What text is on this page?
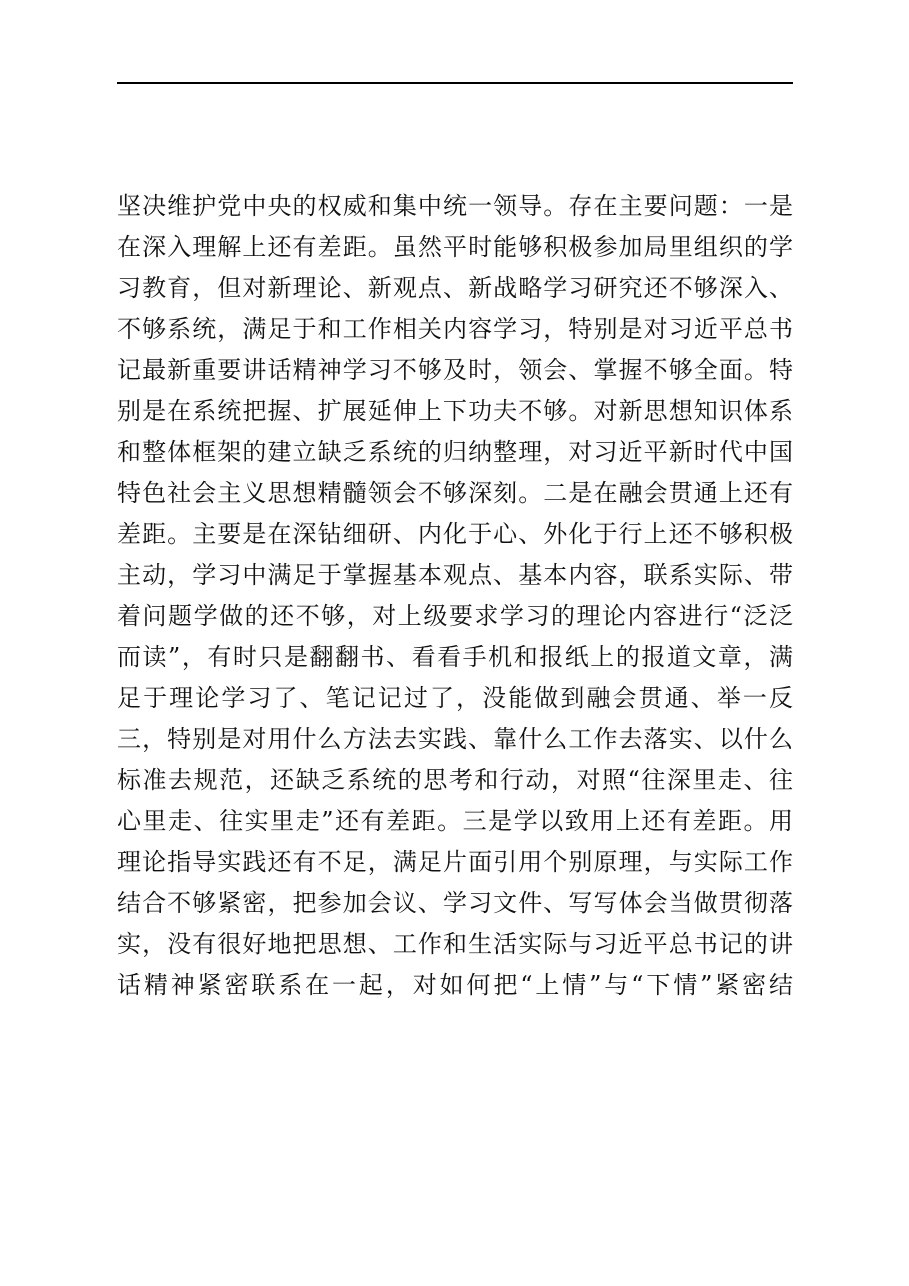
坚决维护党中央的权威和集中统一领导。存在主要问题：一是
在深入理解上还有差距。虽然平时能够积极参加局里组织的学
习教育，但对新理论、新观点、新战略学习研究还不够深入、
不够系统，满足于和工作相关内容学习，特别是对习近平总书
记最新重要讲话精神学习不够及时，领会、掌握不够全面。特
别是在系统把握、扩展延伸上下功夫不够。对新思想知识体系
和整体框架的建立缺乏系统的归纳整理，对习近平新时代中国
特色社会主义思想精髓领会不够深刻。二是在融会贯通上还有
差距。主要是在深钻细研、内化于心、外化于行上还不够积极
主动，学习中满足于掌握基本观点、基本内容，联系实际、带
着问题学做的还不够，对上级要求学习的理论内容进行“泛泛
而读”，有时只是翻翻书、看看手机和报纸上的报道文章，满
足于理论学习了、笔记记过了，没能做到融会贯通、举一反
三，特别是对用什么方法去实践、靠什么工作去落实、以什么
标准去规范，还缺乏系统的思考和行动，对照“往深里走、往
心里走、往实里走”还有差距。三是学以致用上还有差距。用
理论指导实践还有不足，满足片面引用个别原理，与实际工作
结合不够紧密，把参加会议、学习文件、写写体会当做贯彻落
实，没有很好地把思想、工作和生活实际与习近平总书记的讲
话精神紧密联系在一起，对如何把“上情”与“下情”紧密结
